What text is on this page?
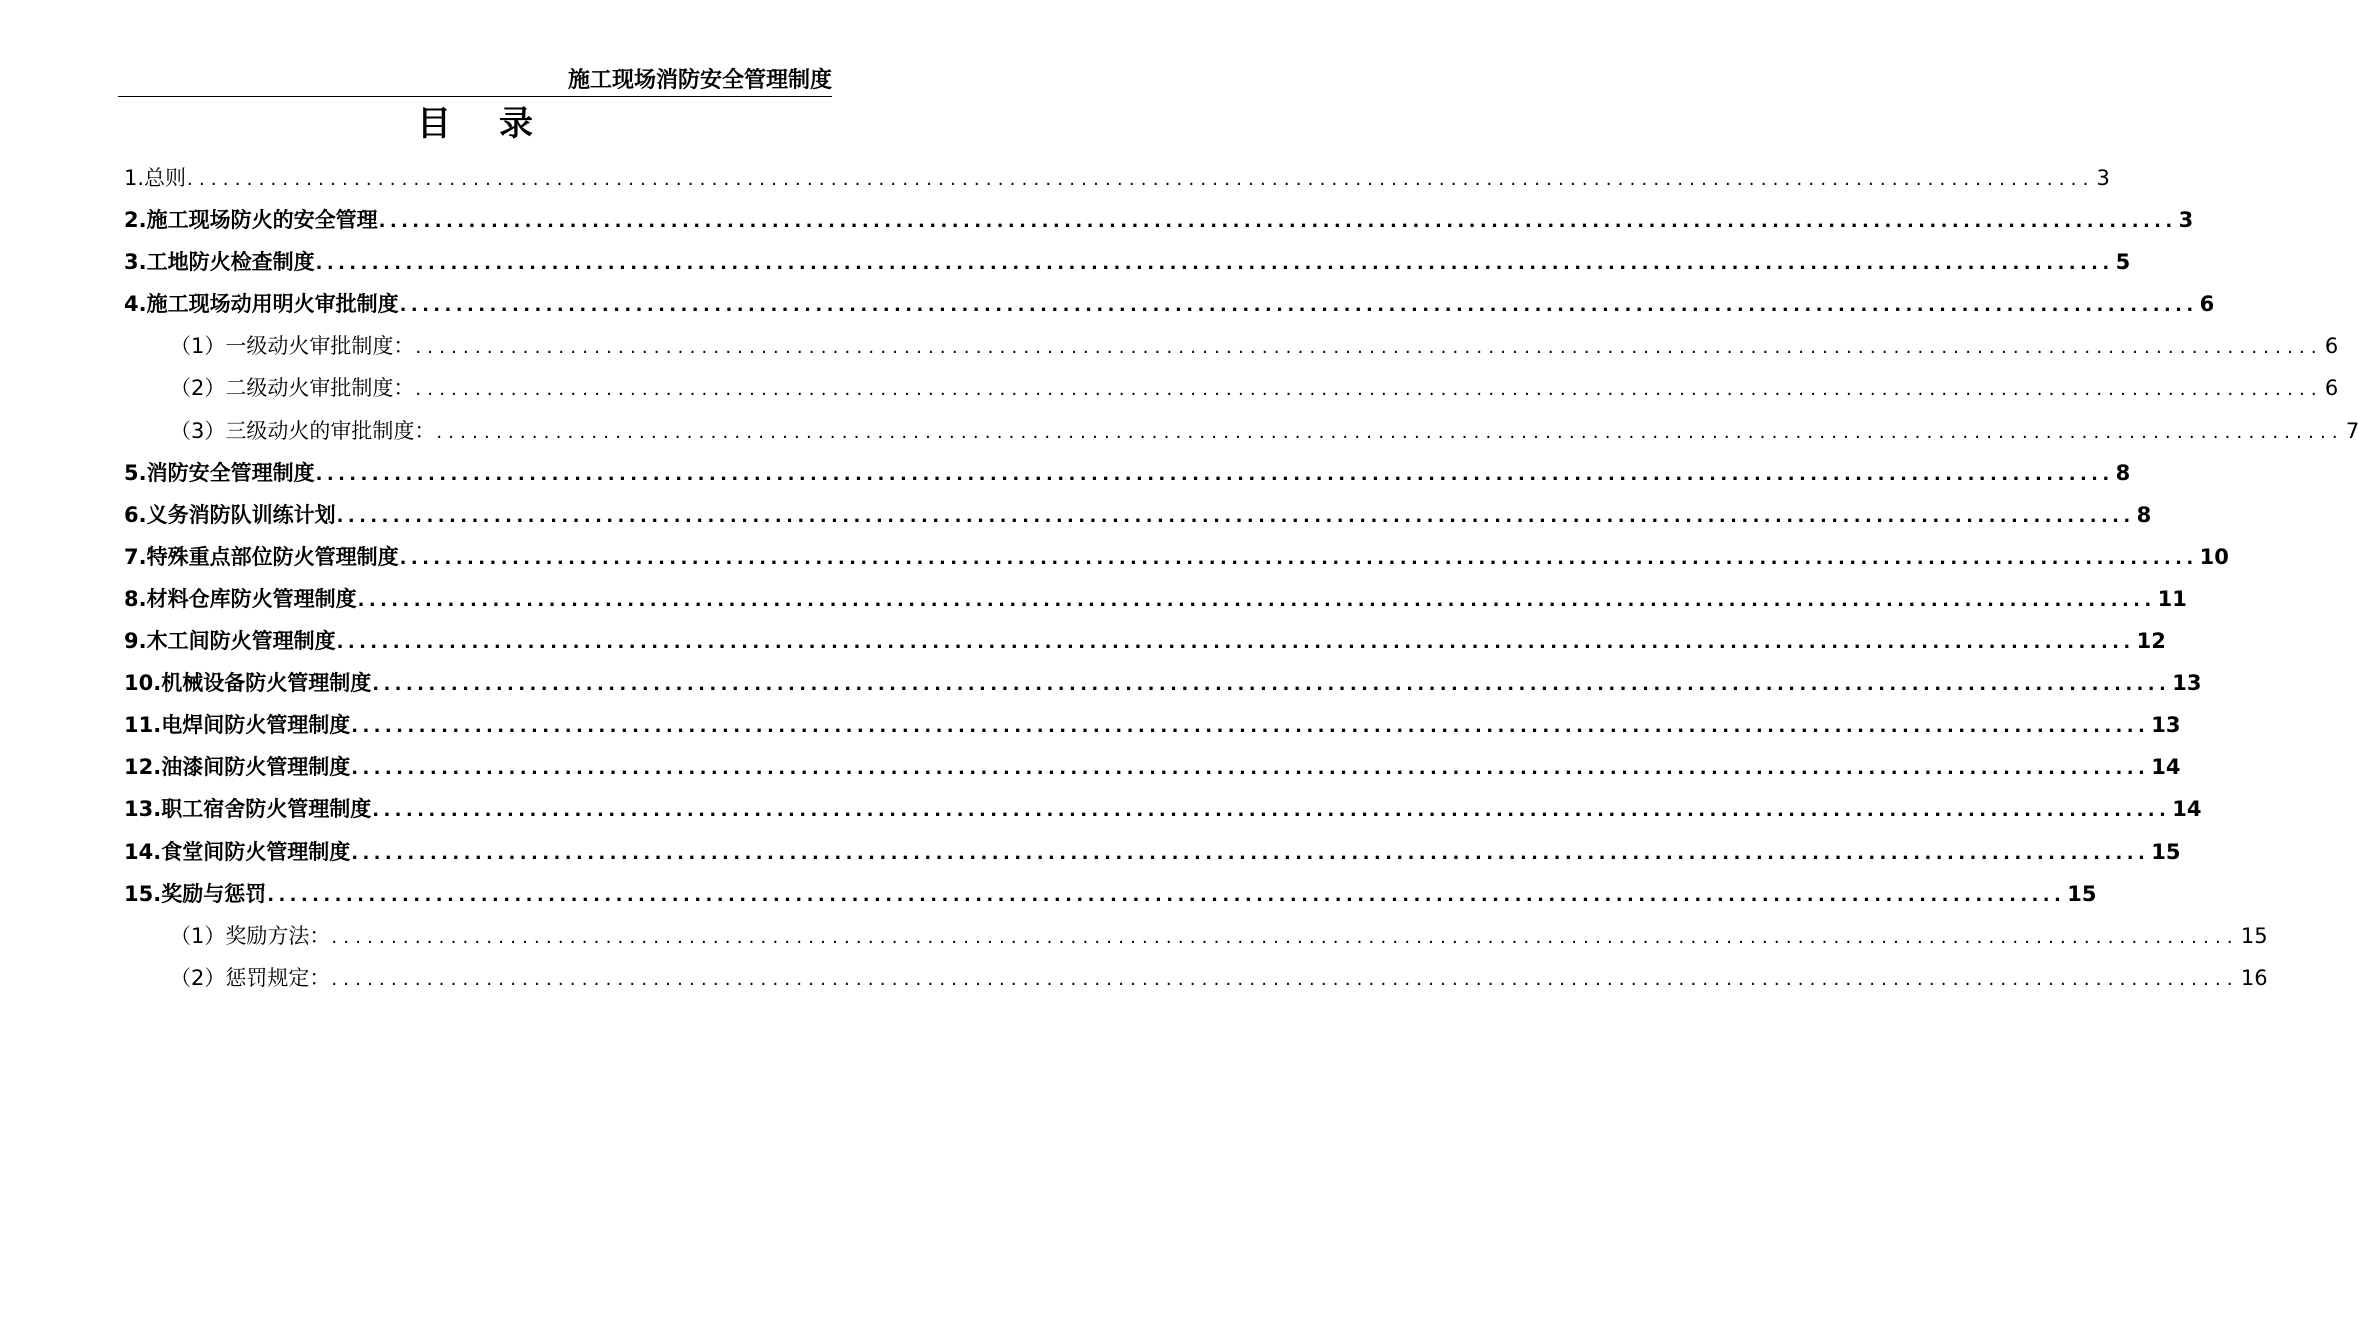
施工现场消防安全管理制度
目录
1.总则 ................................................................................................................................................................ 3
2.施工现场防火的安全管理 ................................................................................................................................................................ 3
3.工地防火检查制度 ................................................................................................................................................................ 5
4.施工现场动用明火审批制度 ................................................................................................................................................................ 6
（1）一级动火审批制度： ................................................................................................................................................................ 6
（2）二级动火审批制度： ................................................................................................................................................................ 6
（3）三级动火的审批制度： ................................................................................................................................................................ 7
5.消防安全管理制度 ................................................................................................................................................................ 8
6.义务消防队训练计划 ................................................................................................................................................................ 8
7.特殊重点部位防火管理制度 ................................................................................................................................................................ 10
8.材料仓库防火管理制度 ................................................................................................................................................................ 11
9.木工间防火管理制度 ................................................................................................................................................................ 12
10.机械设备防火管理制度 ................................................................................................................................................................ 13
11.电焊间防火管理制度 ................................................................................................................................................................ 13
12.油漆间防火管理制度 ................................................................................................................................................................ 14
13.职工宿舍防火管理制度 ................................................................................................................................................................ 14
14.食堂间防火管理制度 ................................................................................................................................................................ 15
15.奖励与惩罚 ................................................................................................................................................................ 15
（1）奖励方法： ................................................................................................................................................................ 15
（2）惩罚规定： ................................................................................................................................................................ 16
